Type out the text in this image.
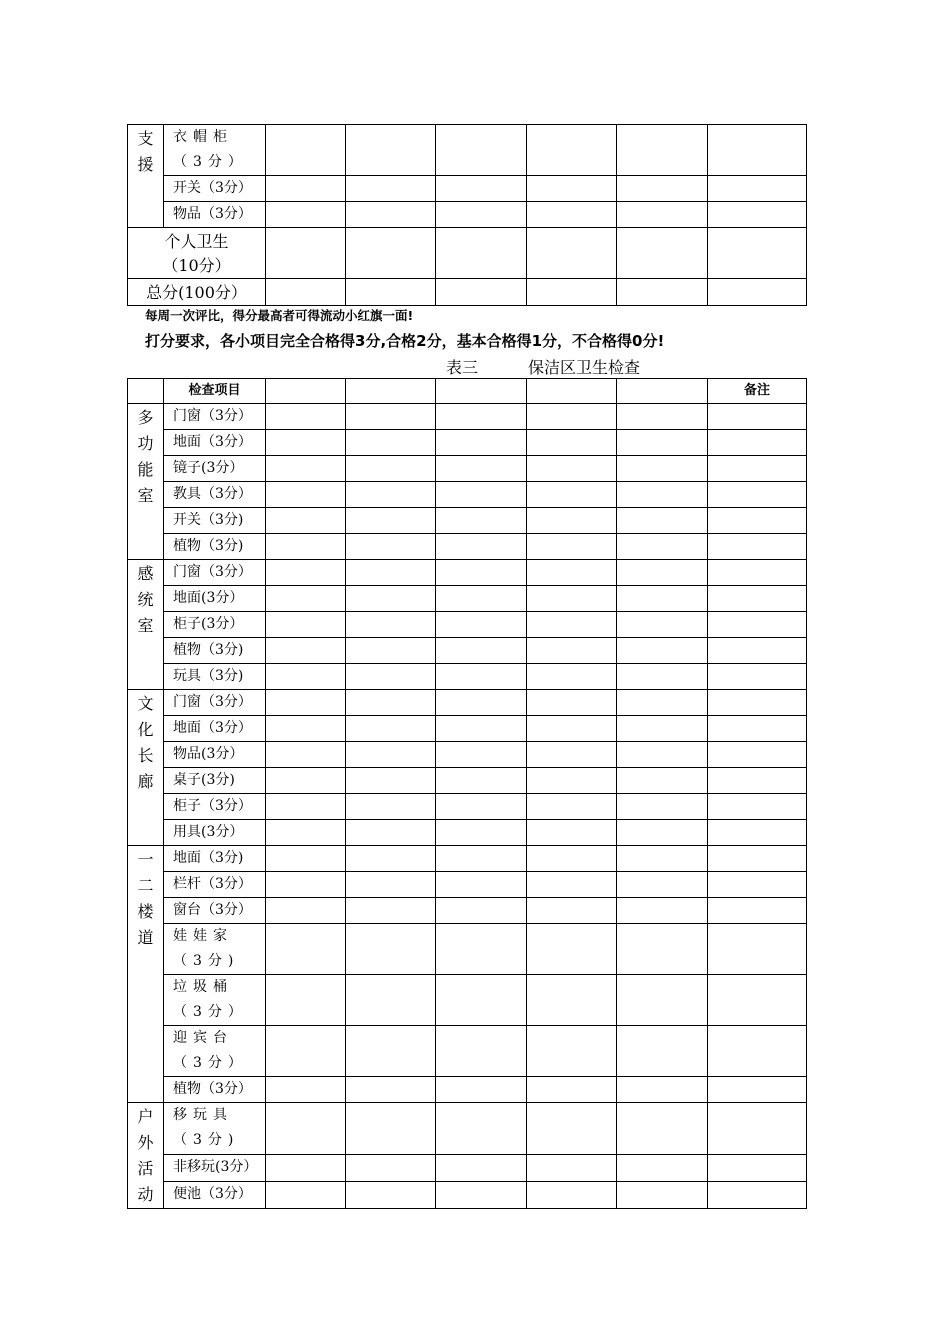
支
援	衣帽柜（3分）						
	开关（3分）						
	物品（3分）						
个人卫生（10分）							
总分(100分）							
每周一次评比，得分最高者可得流动小红旗一面!
打分要求，各小项目完全合格得3分,合格2分，基本合格得1分，不合格得0分!
表三	保洁区卫生检查
	检查项目						备注
多
功
能
室	门窗（3分）						
	地面（3分）						
	镜子(3分）						
	教具（3分）						
	开关（3分)						
	植物（3分)						
感
统
室	门窗（3分）						
	地面(3分）						
	柜子(3分）						
	植物（3分)						
	玩具（3分)						
文
化
长
廊	门窗（3分）						
	地面（3分）						
	物品(3分）						
	桌子(3分)						
	柜子（3分）						
	用具(3分）						
一
二
楼
道	地面（3分)						
	栏杆（3分）						
	窗台（3分）						
	娃娃家（3分)						
	垃圾桶（3分）						
	迎宾台（3分）						
	植物（3分）						
户
外
活
动	移玩具（3分)						
	非移玩(3分）						
	便池（3分）						
